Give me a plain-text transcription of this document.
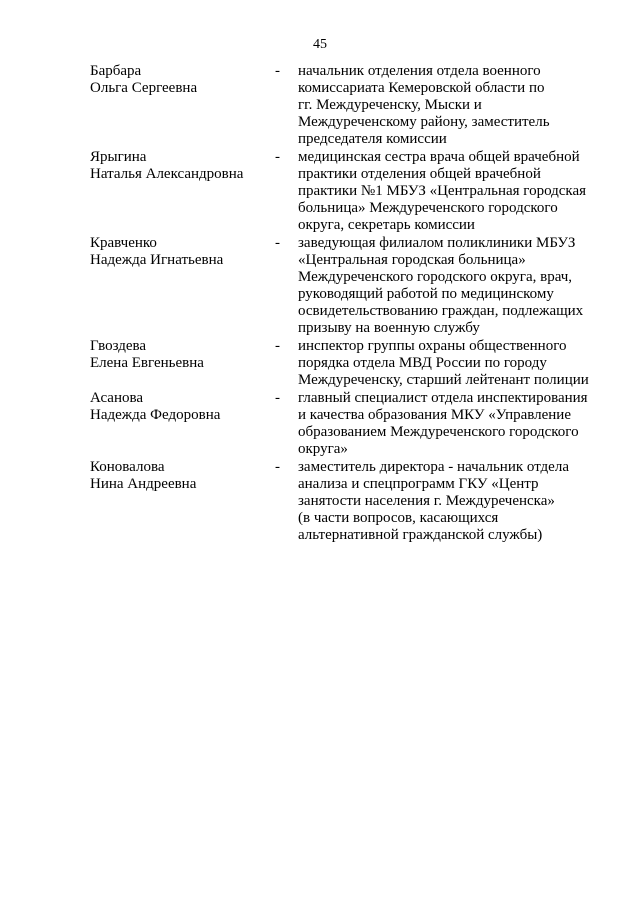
45
Барбара
Ольга Сергеевна
-	начальник отделения отдела военного
комиссариата Кемеровской области по
гг. Междуреченску, Мыски и
Междуреченскому району, заместитель
председателя комиссии
Ярыгина
Наталья Александровна
-	медицинская сестра врача общей врачебной
практики отделения общей врачебной
практики №1 МБУЗ «Центральная городская
больница» Междуреченского городского
округа, секретарь комиссии
Кравченко
Надежда Игнатьевна
-	заведующая филиалом поликлиники МБУЗ
«Центральная городская больница»
Междуреченского городского округа, врач,
руководящий работой по медицинскому
освидетельствованию граждан, подлежащих
призыву на военную службу
Гвоздева
Елена Евгеньевна
-	инспектор группы охраны общественного
порядка отдела МВД России по городу
Междуреченску, старший лейтенант полиции
Асанова
Надежда Федоровна
-	главный специалист отдела инспектирования
и качества образования МКУ «Управление
образованием Междуреченского городского
округа»
Коновалова
Нина Андреевна
-	заместитель директора - начальник отдела
анализа и спецпрограмм ГКУ «Центр
занятости населения г. Междуреченска»
(в части вопросов, касающихся
альтернативной гражданской службы)
